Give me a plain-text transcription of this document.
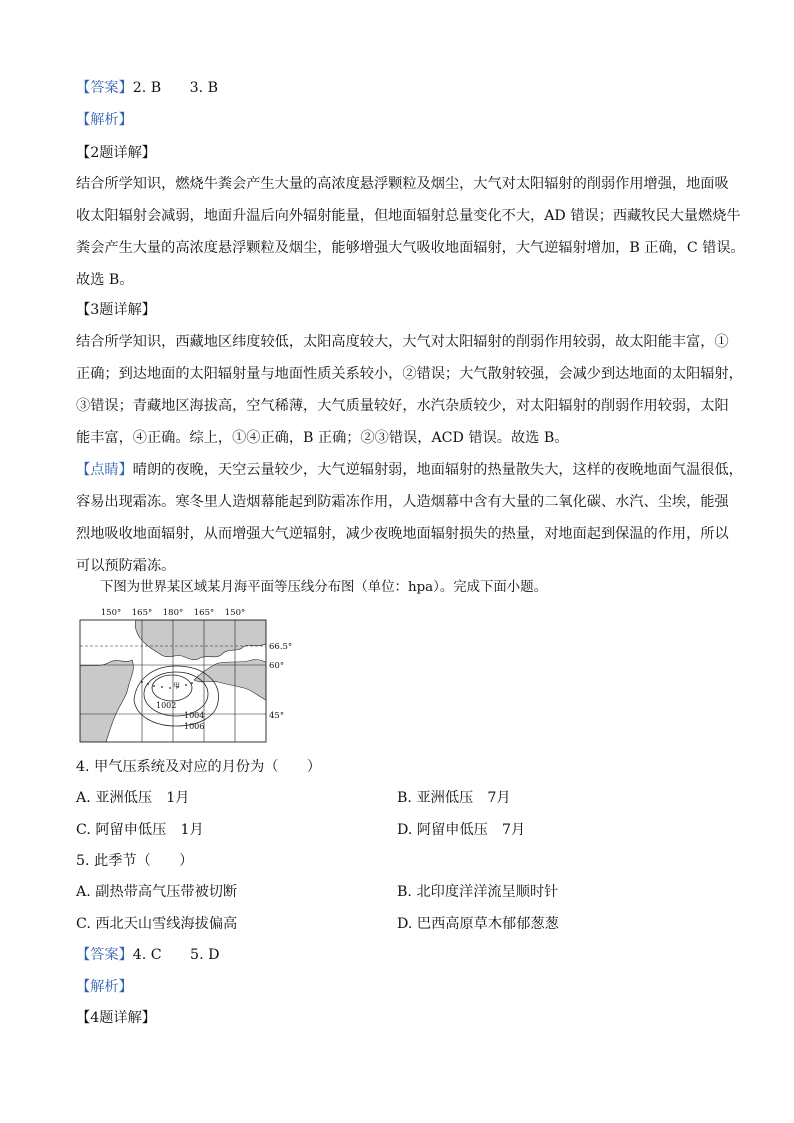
【答案】2. B　　3. B
【解析】
【2题详解】
结合所学知识，燃烧牛粪会产生大量的高浓度悬浮颗粒及烟尘，大气对太阳辐射的削弱作用增强，地面吸
收太阳辐射会减弱，地面升温后向外辐射能量，但地面辐射总量变化不大，AD 错误；西藏牧民大量燃烧牛
粪会产生大量的高浓度悬浮颗粒及烟尘，能够增强大气吸收地面辐射，大气逆辐射增加，B 正确，C 错误。
故选 B。
【3题详解】
结合所学知识，西藏地区纬度较低，太阳高度较大，大气对太阳辐射的削弱作用较弱，故太阳能丰富，①
正确；到达地面的太阳辐射量与地面性质关系较小，②错误；大气散射较强，会减少到达地面的太阳辐射，
③错误；青藏地区海拔高，空气稀薄，大气质量较好，水汽杂质较少，对太阳辐射的削弱作用较弱，太阳
能丰富，④正确。综上，①④正确，B 正确；②③错误，ACD 错误。故选 B。
【点睛】晴朗的夜晚，天空云量较少，大气逆辐射弱，地面辐射的热量散失大，这样的夜晚地面气温很低，
容易出现霜冻。寒冬里人造烟幕能起到防霜冻作用，人造烟幕中含有大量的二氧化碳、水汽、尘埃，能强
烈地吸收地面辐射，从而增强大气逆辐射，减少夜晚地面辐射损失的热量，对地面起到保温的作用，所以
可以预防霜冻。
下图为世界某区域某月海平面等压线分布图（单位：hpa）。完成下面小题。
150° 165° 180° 165° 150°
66.5°
60°
45°
甲
1002
1004
1006
4. 甲气压系统及对应的月份为（　　）
A. 亚洲低压　1月	B. 亚洲低压　7月
C. 阿留申低压　1月	D. 阿留申低压　7月
5. 此季节（　　）
A. 副热带高气压带被切断	B. 北印度洋洋流呈顺时针
C. 西北天山雪线海拔偏高	D. 巴西高原草木郁郁葱葱
【答案】4. C　　5. D
【解析】
【4题详解】
